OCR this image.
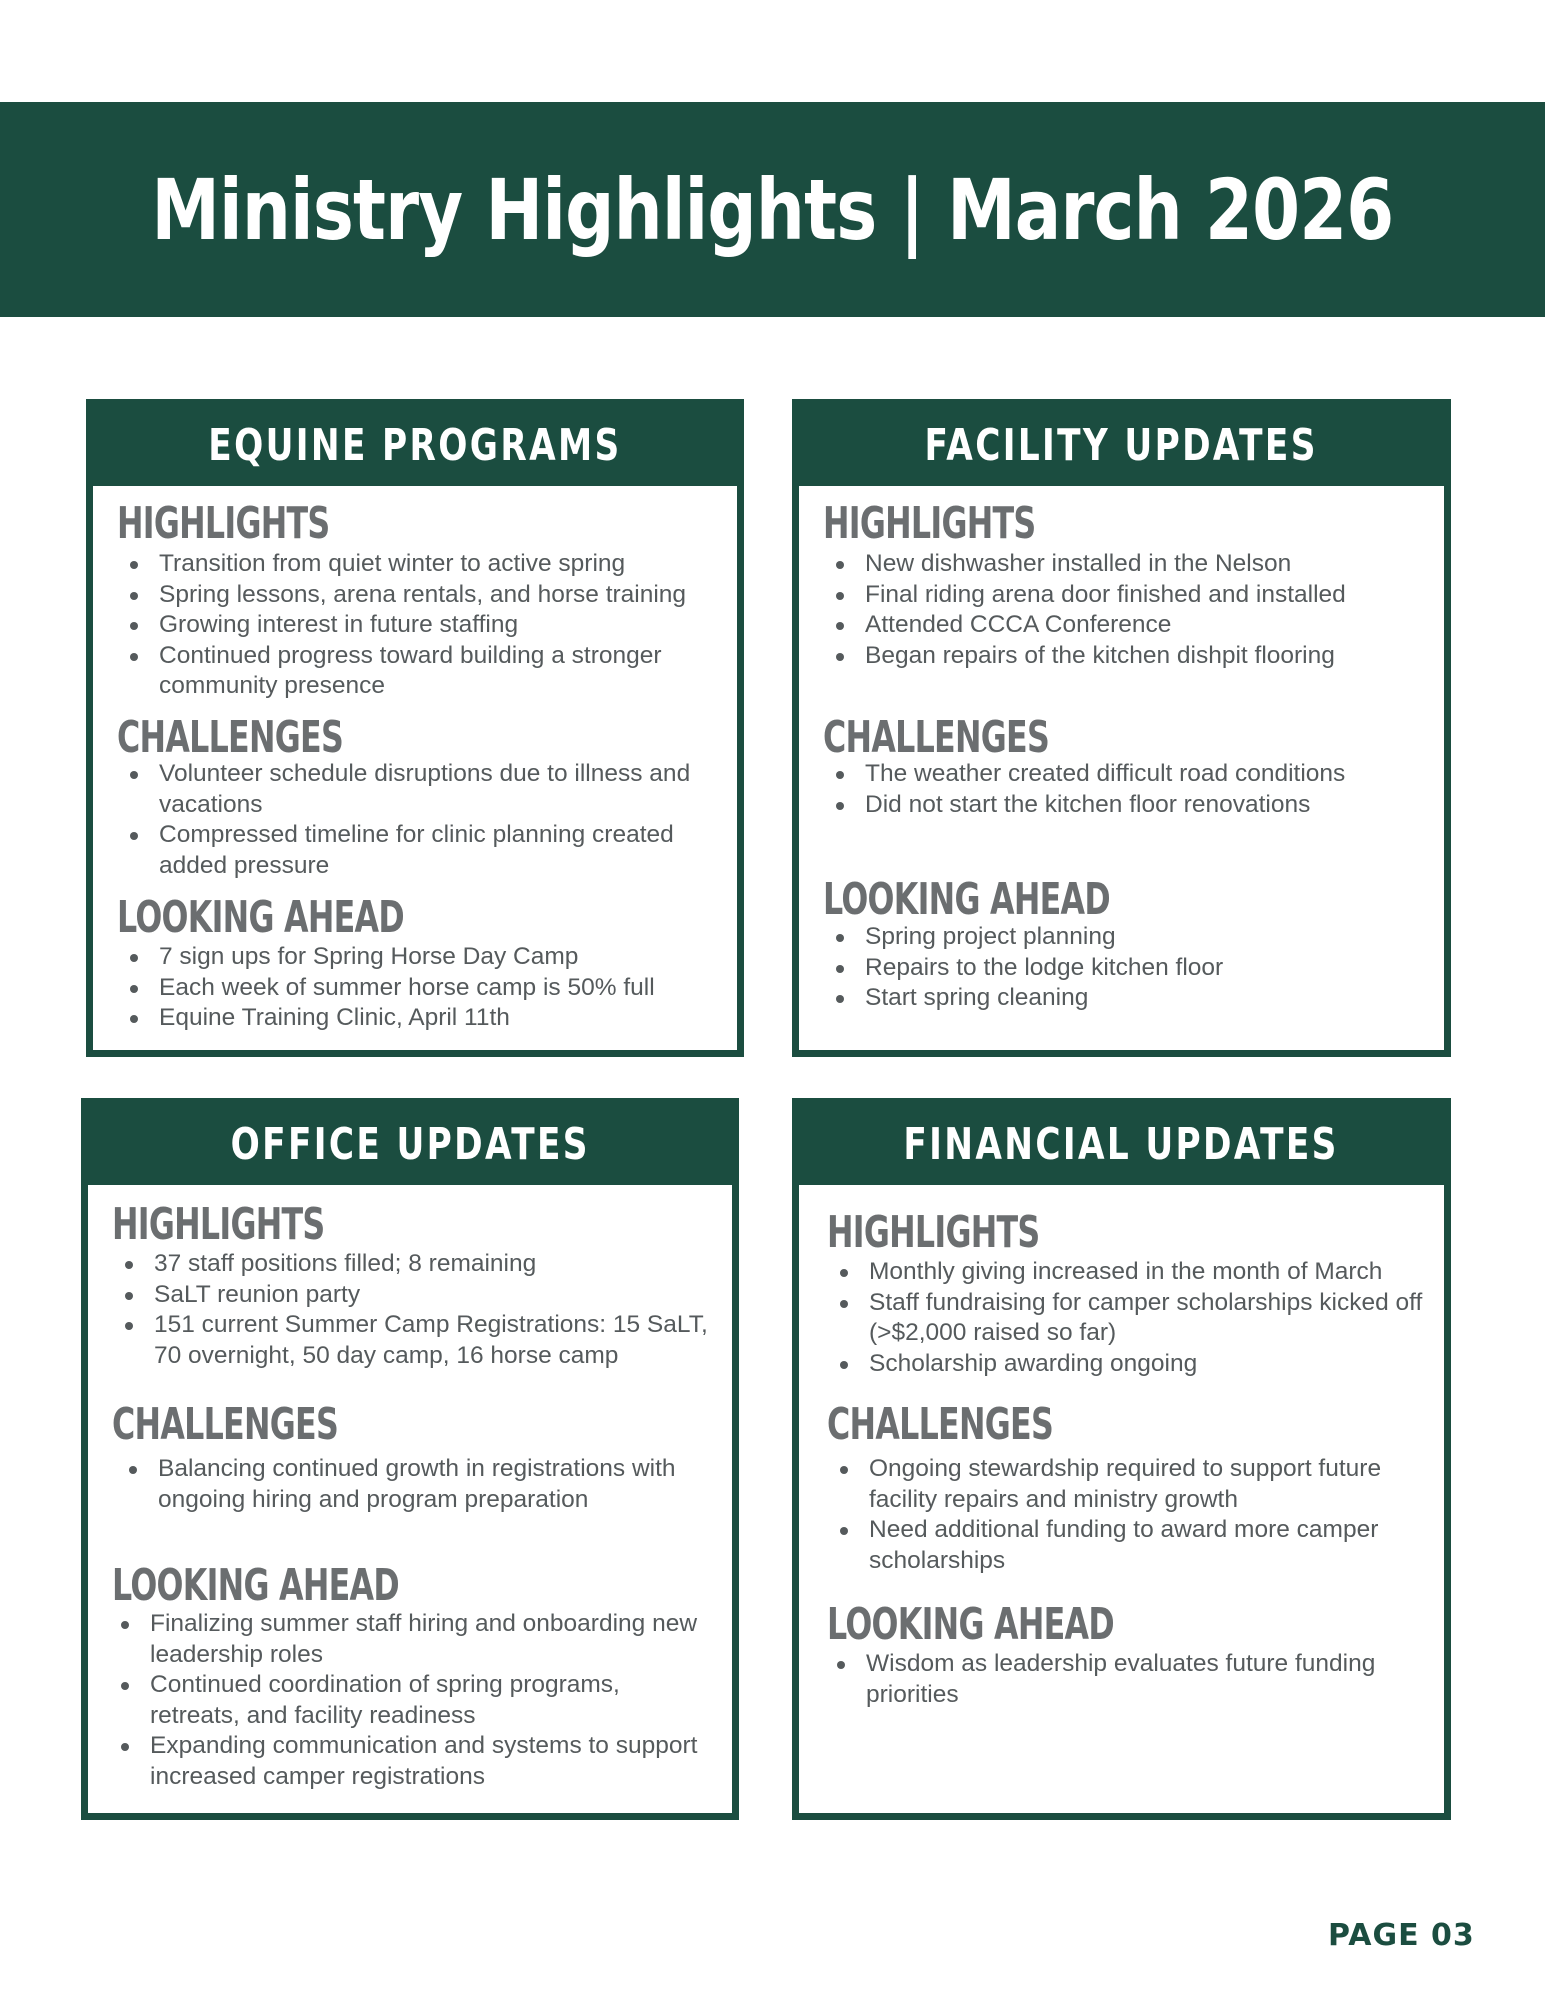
Ministry Highlights | March 2026
EQUINE PROGRAMS
HIGHLIGHTS
Transition from quiet winter to active spring
Spring lessons, arena rentals, and horse training
Growing interest in future staffing
Continued progress toward building a stronger community presence
CHALLENGES
Volunteer schedule disruptions due to illness and vacations
Compressed timeline for clinic planning created added pressure
LOOKING AHEAD
7 sign ups for Spring Horse Day Camp
Each week of summer horse camp is 50% full
Equine Training Clinic, April 11th
FACILITY UPDATES
HIGHLIGHTS
New dishwasher installed in the Nelson
Final riding arena door finished and installed
Attended CCCA Conference
Began repairs of the kitchen dishpit flooring
CHALLENGES
The weather created difficult road conditions
Did not start the kitchen floor renovations
LOOKING AHEAD
Spring project planning
Repairs to the lodge kitchen floor
Start spring cleaning
OFFICE UPDATES
HIGHLIGHTS
37 staff positions filled; 8 remaining
SaLT reunion party
151 current Summer Camp Registrations: 15 SaLT, 70 overnight, 50 day camp, 16 horse camp
CHALLENGES
Balancing continued growth in registrations with ongoing hiring and program preparation
LOOKING AHEAD
Finalizing summer staff hiring and onboarding new leadership roles
Continued coordination of spring programs, retreats, and facility readiness
Expanding communication and systems to support increased camper registrations
FINANCIAL UPDATES
HIGHLIGHTS
Monthly giving increased in the month of March
Staff fundraising for camper scholarships kicked off (>$2,000 raised so far)
Scholarship awarding ongoing
CHALLENGES
Ongoing stewardship required to support future facility repairs and ministry growth
Need additional funding to award more camper scholarships
LOOKING AHEAD
Wisdom as leadership evaluates future funding priorities
PAGE 03
